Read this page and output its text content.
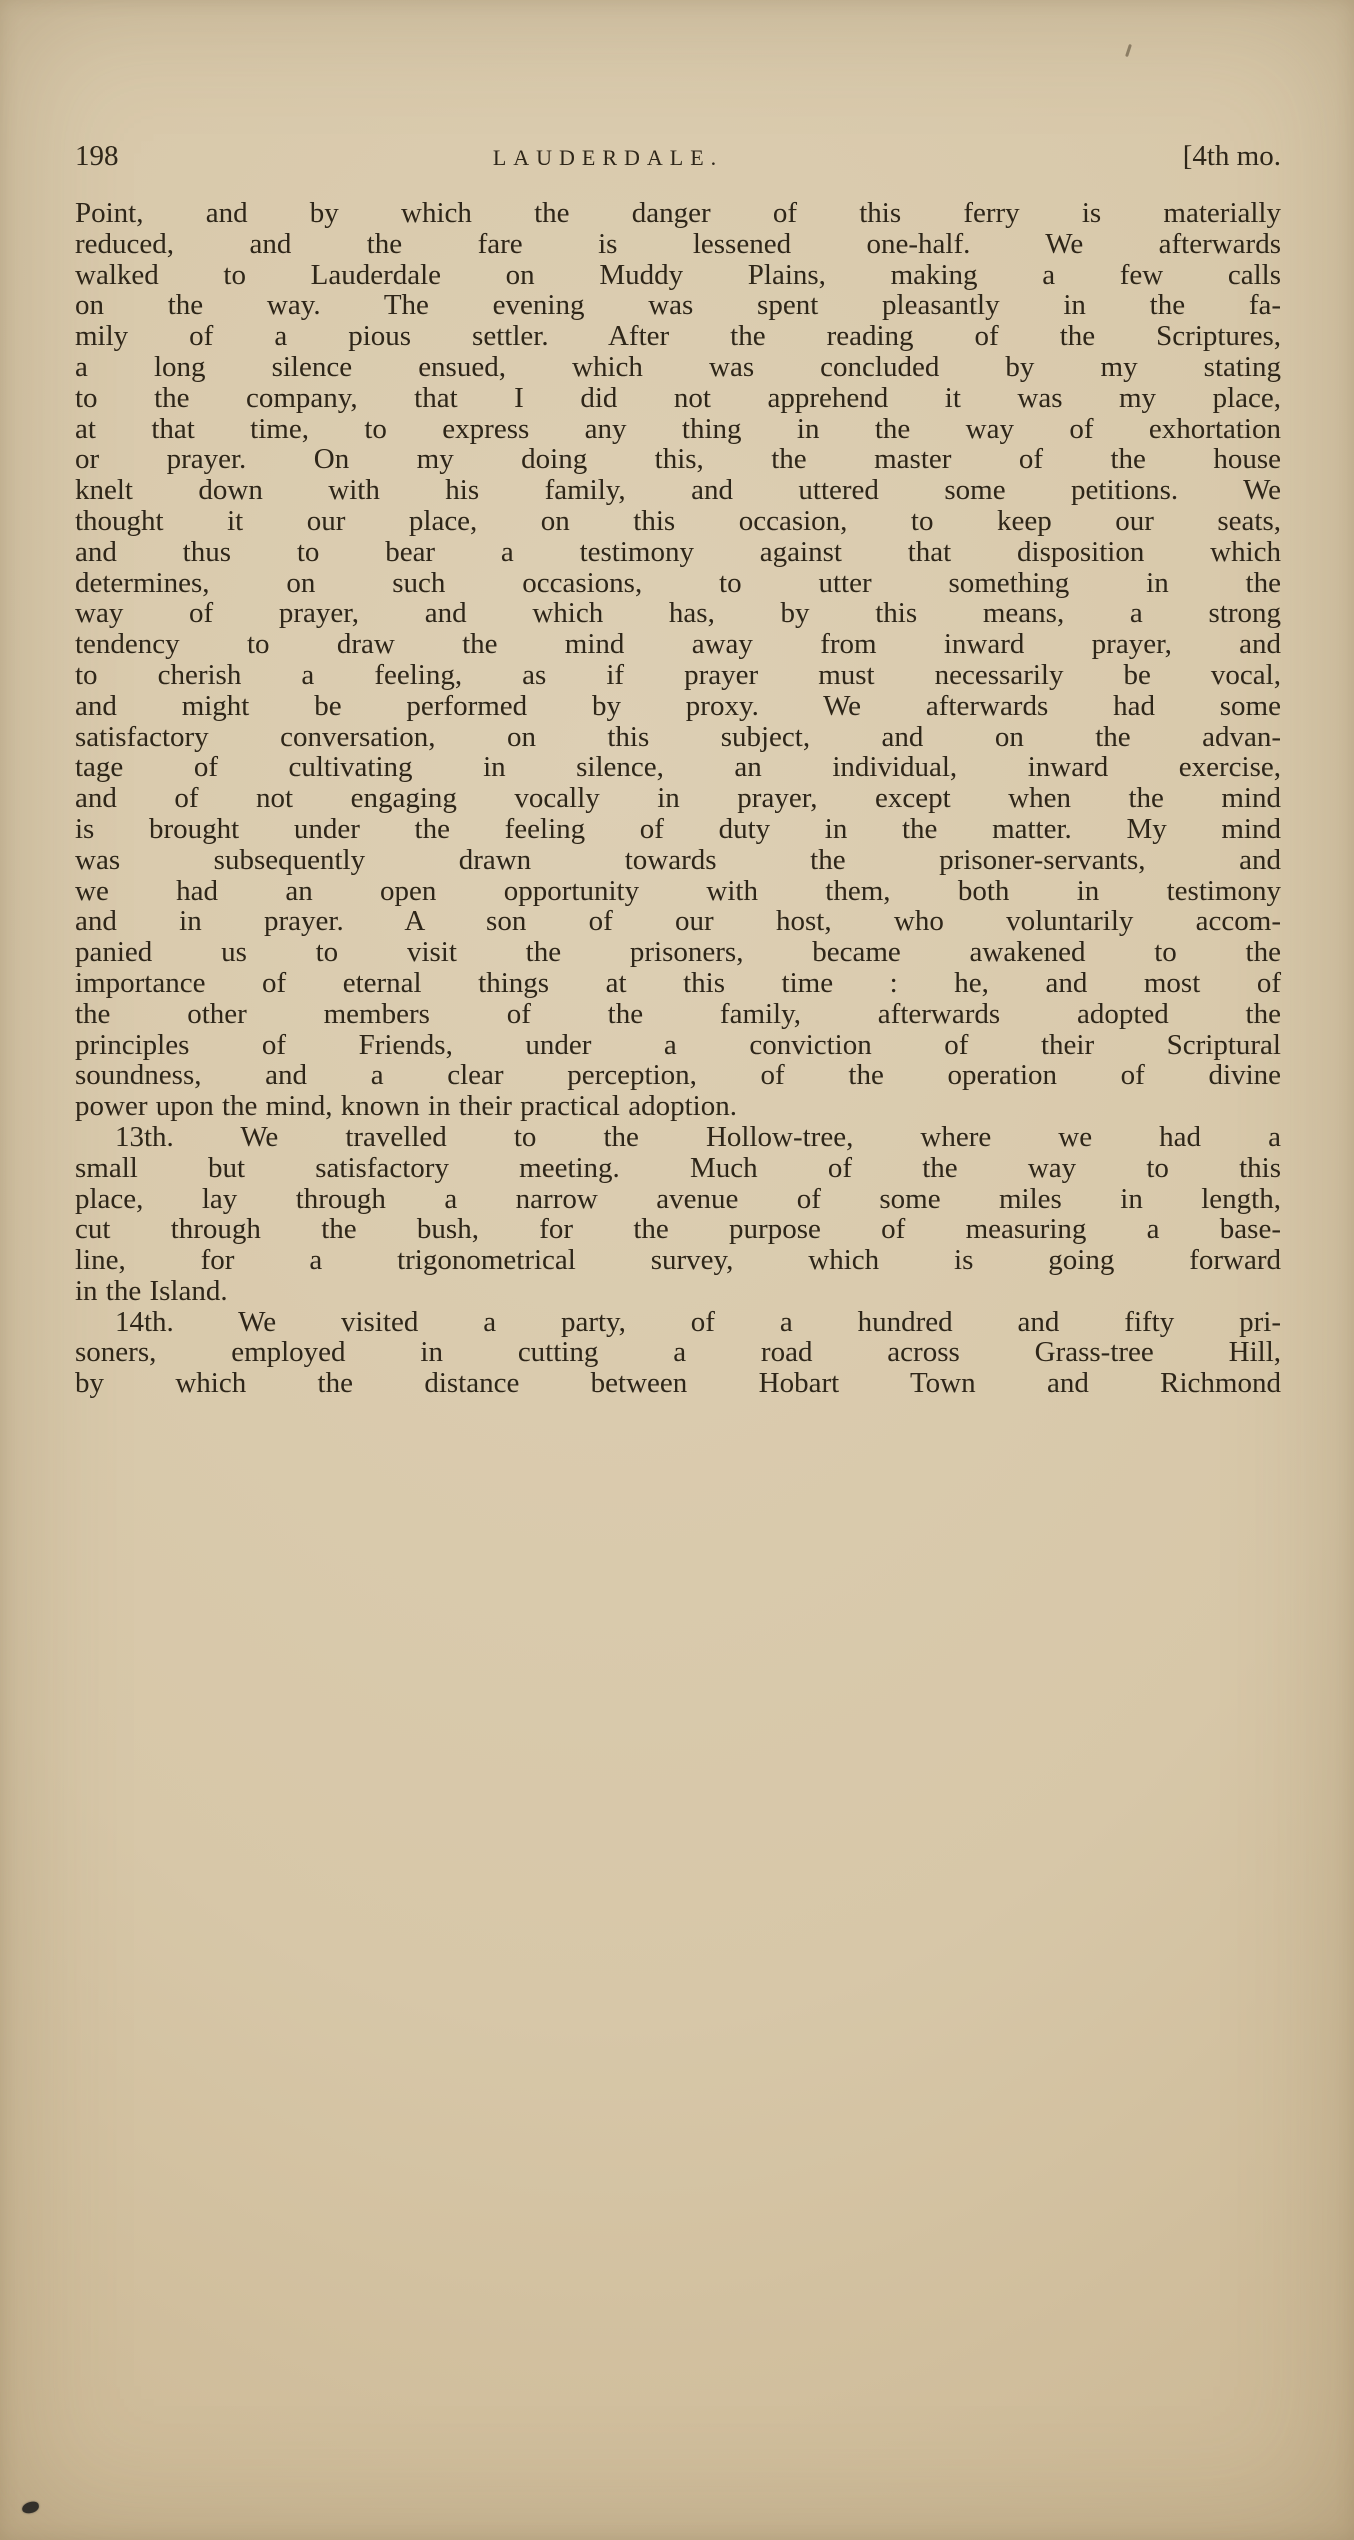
198	LAUDERDALE.	[4th mo.
Point, and by which the danger of this ferry is materially
reduced, and the fare is lessened one-half. We afterwards
walked to Lauderdale on Muddy Plains, making a few calls
on the way. The evening was spent pleasantly in the fa-
mily of a pious settler. After the reading of the Scriptures,
a long silence ensued, which was concluded by my stating
to the company, that I did not apprehend it was my place,
at that time, to express any thing in the way of exhortation
or prayer. On my doing this, the master of the house
knelt down with his family, and uttered some petitions. We
thought it our place, on this occasion, to keep our seats,
and thus to bear a testimony against that disposition which
determines, on such occasions, to utter something in the
way of prayer, and which has, by this means, a strong
tendency to draw the mind away from inward prayer, and
to cherish a feeling, as if prayer must necessarily be vocal,
and might be performed by proxy. We afterwards had some
satisfactory conversation, on this subject, and on the advan-
tage of cultivating in silence, an individual, inward exercise,
and of not engaging vocally in prayer, except when the mind
is brought under the feeling of duty in the matter. My mind
was subsequently drawn towards the prisoner-servants, and
we had an open opportunity with them, both in testimony
and in prayer. A son of our host, who voluntarily accom-
panied us to visit the prisoners, became awakened to the
importance of eternal things at this time : he, and most of
the other members of the family, afterwards adopted the
principles of Friends, under a conviction of their Scriptural
soundness, and a clear perception, of the operation of divine
power upon the mind, known in their practical adoption.
13th. We travelled to the Hollow-tree, where we had a
small but satisfactory meeting. Much of the way to this
place, lay through a narrow avenue of some miles in length,
cut through the bush, for the purpose of measuring a base-
line, for a trigonometrical survey, which is going forward
in the Island.
14th. We visited a party, of a hundred and fifty pri-
soners, employed in cutting a road across Grass-tree Hill,
by which the distance between Hobart Town and Richmond
